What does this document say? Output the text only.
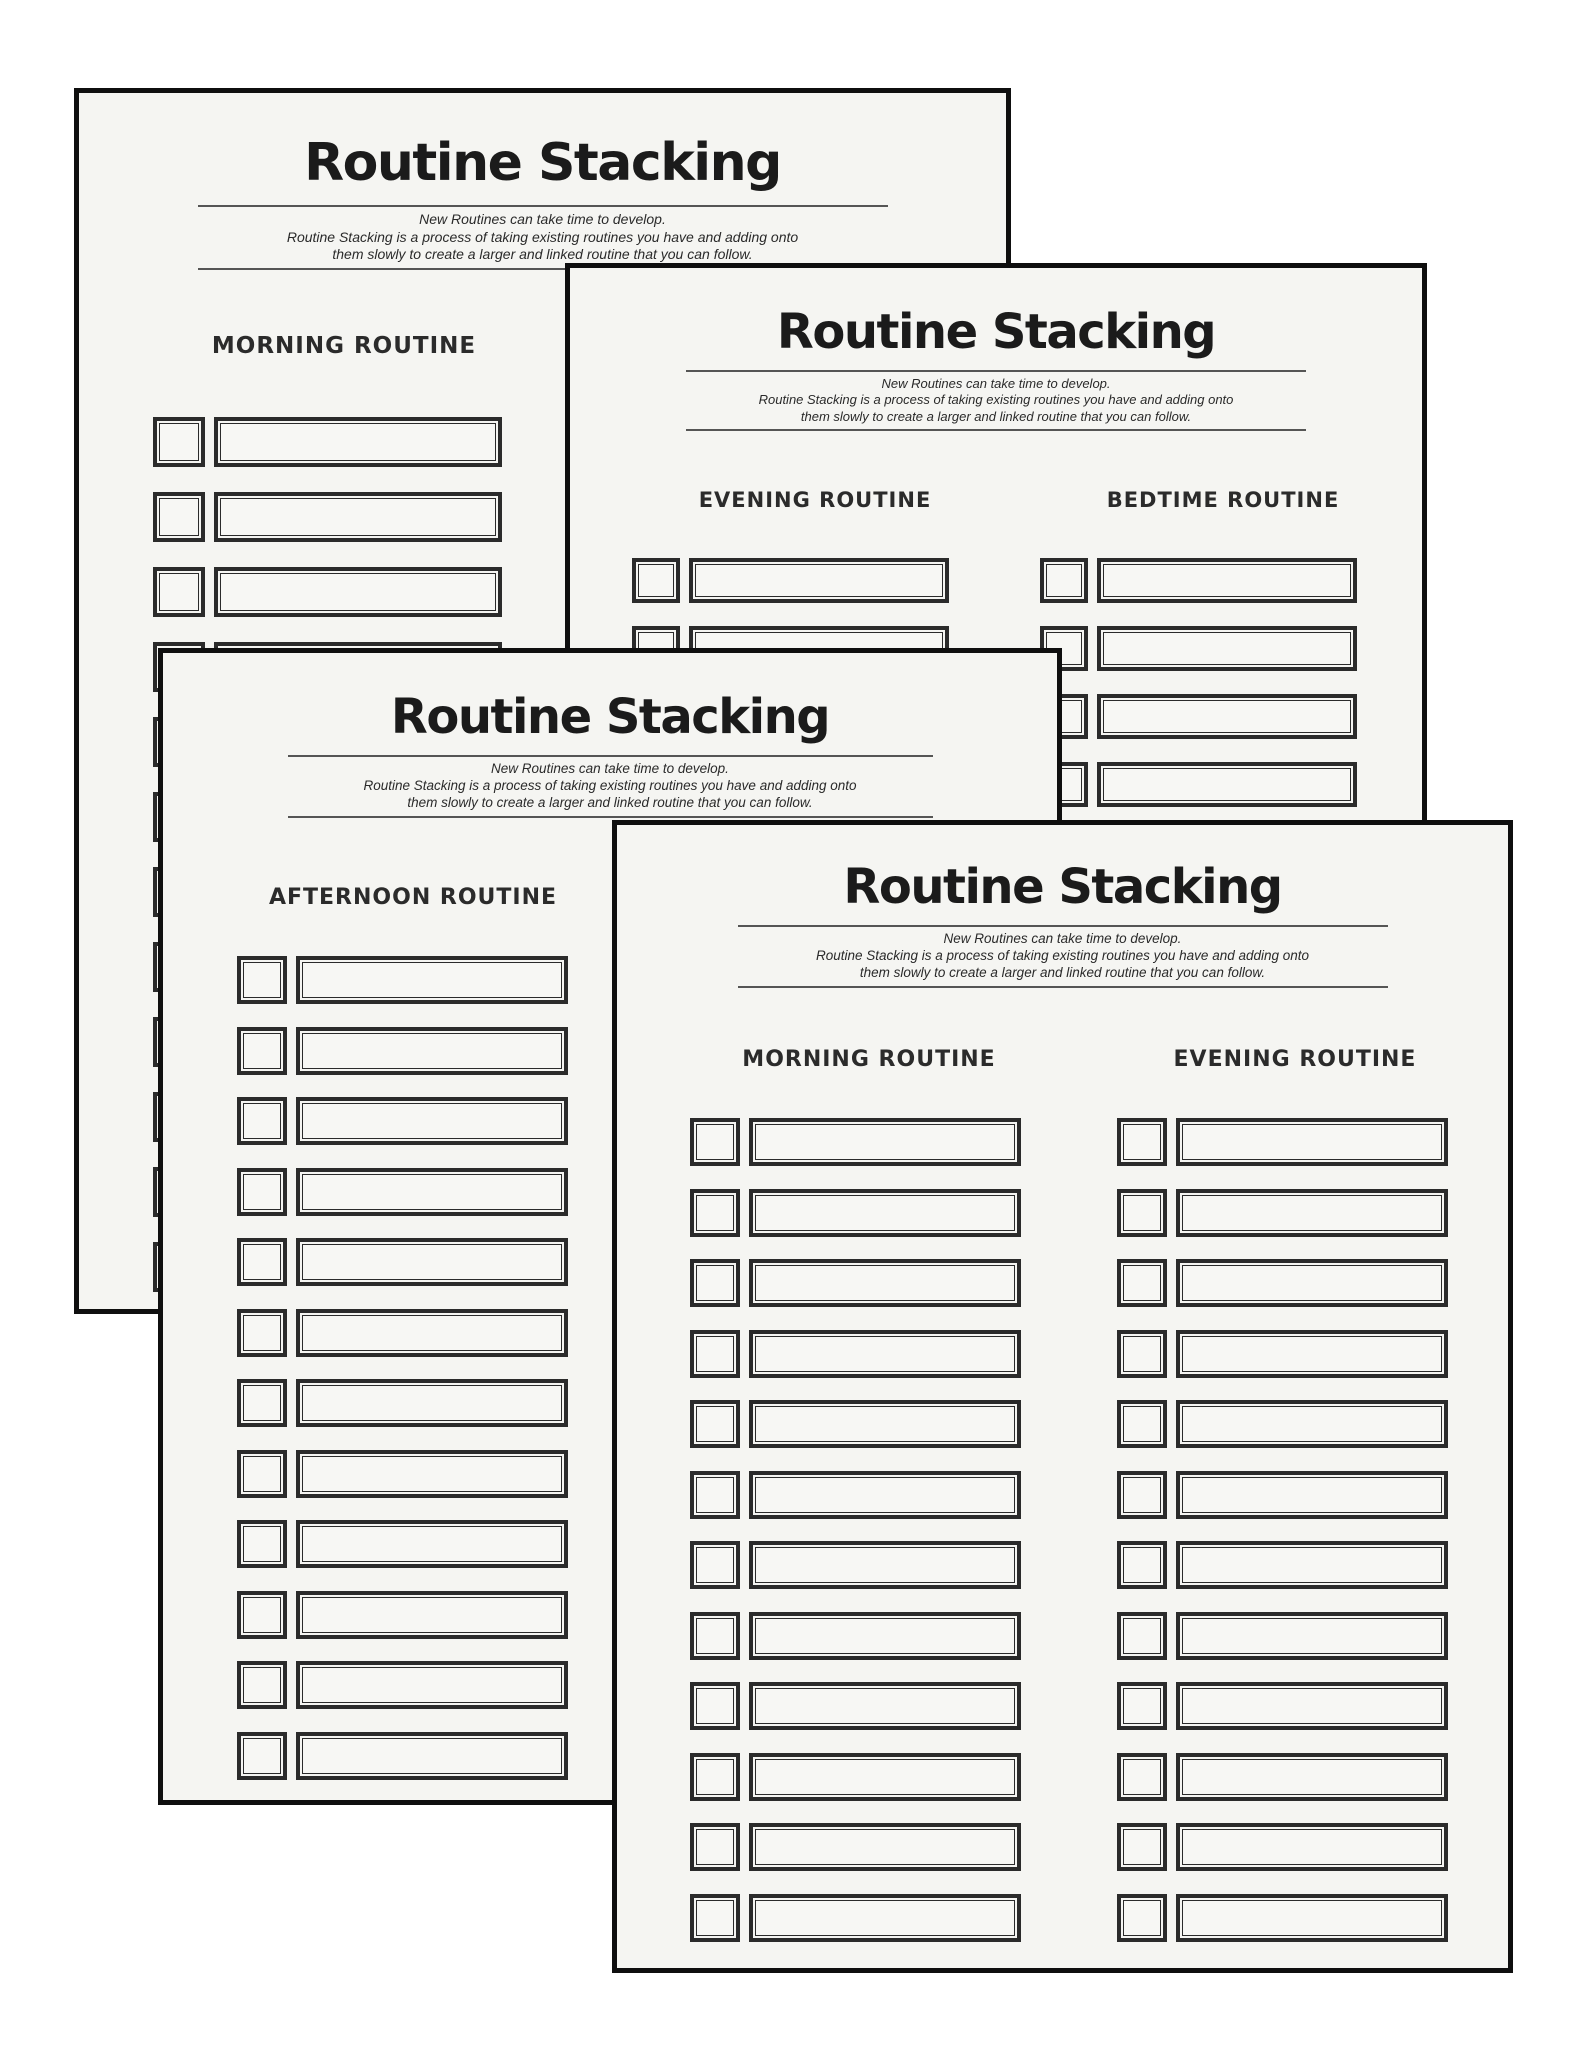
Routine Stacking
New Routines can take time to develop.
Routine Stacking is a process of taking existing routines you have and adding onto
them slowly to create a larger and linked routine that you can follow.
MORNING ROUTINE	Routine Stacking
New Routines can take time to develop.
Routine Stacking is a process of taking existing routines you have and adding onto
them slowly to create a larger and linked routine that you can follow.
EVENING ROUTINE	BEDTIME ROUTINE
Routine Stacking
New Routines can take time to develop.
Routine Stacking is a process of taking existing routines you have and adding onto
them slowly to create a larger and linked routine that you can follow.
AFTERNOON ROUTINE	Routine Stacking
New Routines can take time to develop.
Routine Stacking is a process of taking existing routines you have and adding onto
them slowly to create a larger and linked routine that you can follow.
MORNING ROUTINE	EVENING ROUTINE
